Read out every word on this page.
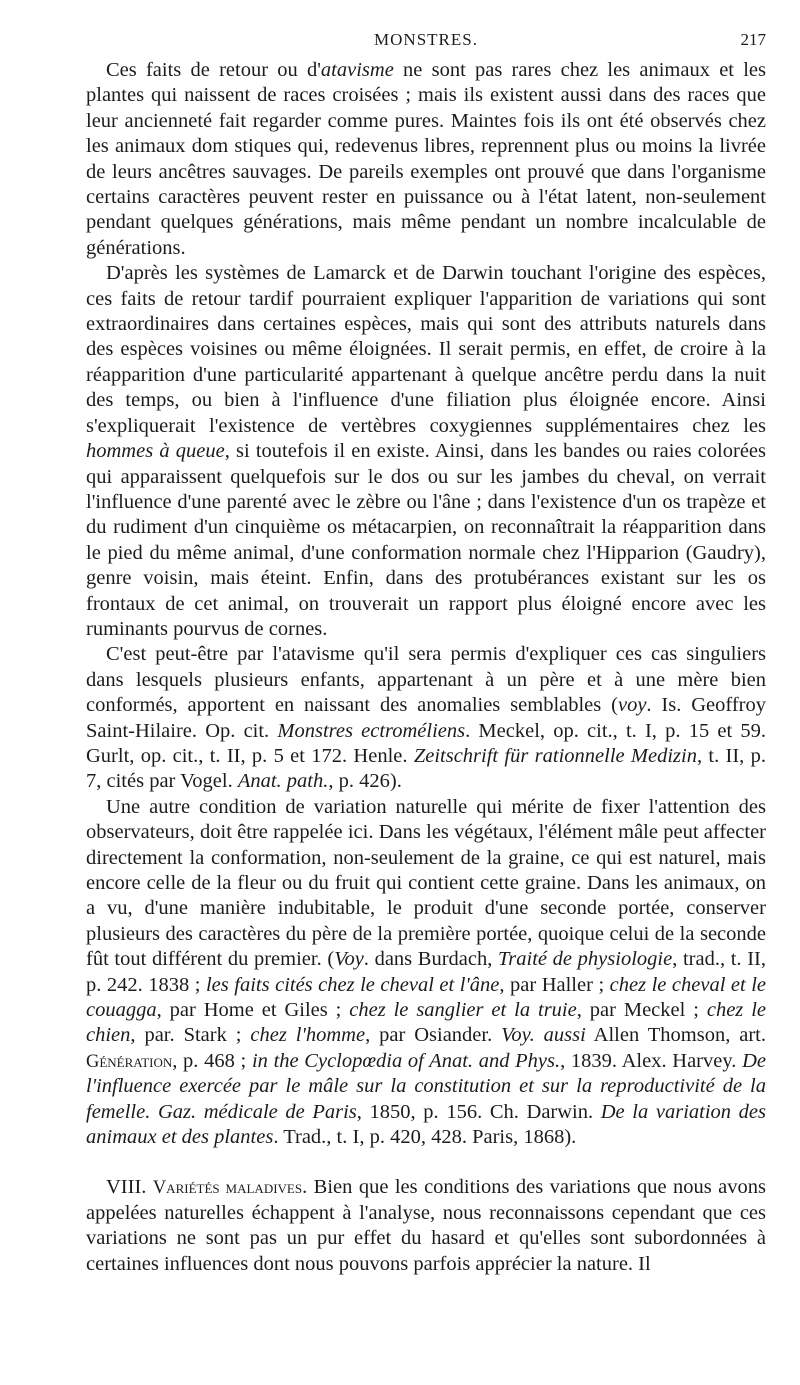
MONSTRES.	217

Ces faits de retour ou d'atavisme ne sont pas rares chez les animaux et les plantes qui naissent de races croisées ; mais ils existent aussi dans des races que leur ancienneté fait regarder comme pures. Maintes fois ils ont été observés chez les animaux dom stiques qui, redevenus libres, reprennent plus ou moins la livrée de leurs ancêtres sauvages. De pareils exemples ont prouvé que dans l'organisme certains caractères peuvent rester en puissance ou à l'état latent, non-seulement pendant quelques générations, mais même pendant un nombre incalculable de générations.

D'après les systèmes de Lamarck et de Darwin touchant l'origine des espèces, ces faits de retour tardif pourraient expliquer l'apparition de variations qui sont extraordinaires dans certaines espèces, mais qui sont des attributs naturels dans des espèces voisines ou même éloignées. Il serait permis, en effet, de croire à la réapparition d'une particularité appartenant à quelque ancêtre perdu dans la nuit des temps, ou bien à l'influence d'une filiation plus éloignée encore. Ainsi s'expliquerait l'existence de vertèbres coxygiennes supplémentaires chez les hommes à queue, si toutefois il en existe. Ainsi, dans les bandes ou raies colorées qui apparaissent quelquefois sur le dos ou sur les jambes du cheval, on verrait l'influence d'une parenté avec le zèbre ou l'âne ; dans l'existence d'un os trapèze et du rudiment d'un cinquième os métacarpien, on reconnaîtrait la réapparition dans le pied du même animal, d'une conformation normale chez l'Hipparion (Gaudry), genre voisin, mais éteint. Enfin, dans des protubérances existant sur les os frontaux de cet animal, on trouverait un rapport plus éloigné encore avec les ruminants pourvus de cornes.

C'est peut-être par l'atavisme qu'il sera permis d'expliquer ces cas singuliers dans lesquels plusieurs enfants, appartenant à un père et à une mère bien conformés, apportent en naissant des anomalies semblables (voy. Is. Geoffroy Saint-Hilaire. Op. cit. Monstres ectroméliens. Meckel, op. cit., t. I, p. 15 et 59. Gurlt, op. cit., t. II, p. 5 et 172. Henle. Zeitschrift für rationnelle Medizin, t. II, p. 7, cités par Vogel. Anat. path., p. 426).

Une autre condition de variation naturelle qui mérite de fixer l'attention des observateurs, doit être rappelée ici. Dans les végétaux, l'élément mâle peut affecter directement la conformation, non-seulement de la graine, ce qui est naturel, mais encore celle de la fleur ou du fruit qui contient cette graine. Dans les animaux, on a vu, d'une manière indubitable, le produit d'une seconde portée, conserver plusieurs des caractères du père de la première portée, quoique celui de la seconde fût tout différent du premier. (Voy. dans Burdach, Traité de physiologie, trad., t. II, p. 242. 1838 ; les faits cités chez le cheval et l'âne, par Haller ; chez le cheval et le couagga, par Home et Giles ; chez le sanglier et la truie, par Meckel ; chez le chien, par. Stark ; chez l'homme, par Osiander. Voy. aussi Allen Thomson, art. Génération, p. 468 ; in the Cyclopœdia of Anat. and Phys., 1839. Alex. Harvey. De l'influence exercée par le mâle sur la constitution et sur la reproductivité de la femelle. Gaz. médicale de Paris, 1850, p. 156. Ch. Darwin. De la variation des animaux et des plantes. Trad., t. I, p. 420, 428. Paris, 1868).

VIII. Variétés maladives. Bien que les conditions des variations que nous avons appelées naturelles échappent à l'analyse, nous reconnaissons cependant que ces variations ne sont pas un pur effet du hasard et qu'elles sont subordonnées à certaines influences dont nous pouvons parfois apprécier la nature. Il
